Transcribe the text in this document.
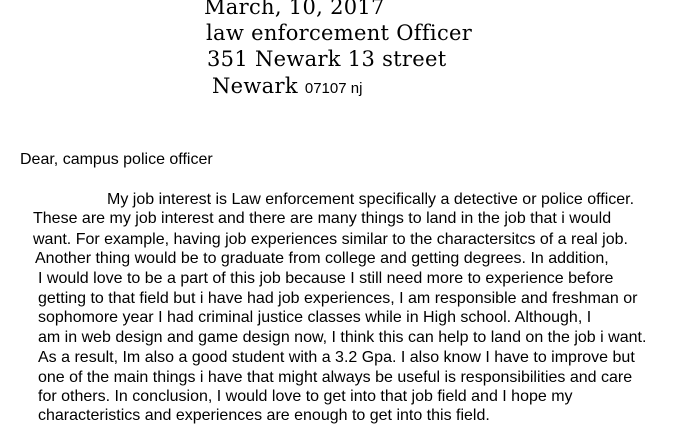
March, 10, 2017
law enforcement Officer
351 Newark 13 street
Newark 07107 nj
Dear, campus police officer
My job interest is Law enforcement specifically a detective or police officer.
These are my job interest and there are many things to land in the job that i would
want. For example, having job experiences similar to the charactersitcs of a real job.
Another thing would be to graduate from college and getting degrees. In addition,
I would love to be a part of this job because I still need more to experience before
getting to that field but i have had job experiences, I am responsible and freshman or
sophomore year I had criminal justice classes while in High school. Although, I
am in web design and game design now, I think this can help to land on the job i want.
As a result, Im also a good student with a 3.2 Gpa. I also know I have to improve but
one of the main things i have that might always be useful is responsibilities and care
for others. In conclusion, I would love to get into that job field and I hope my
characteristics and experiences are enough to get into this field.
